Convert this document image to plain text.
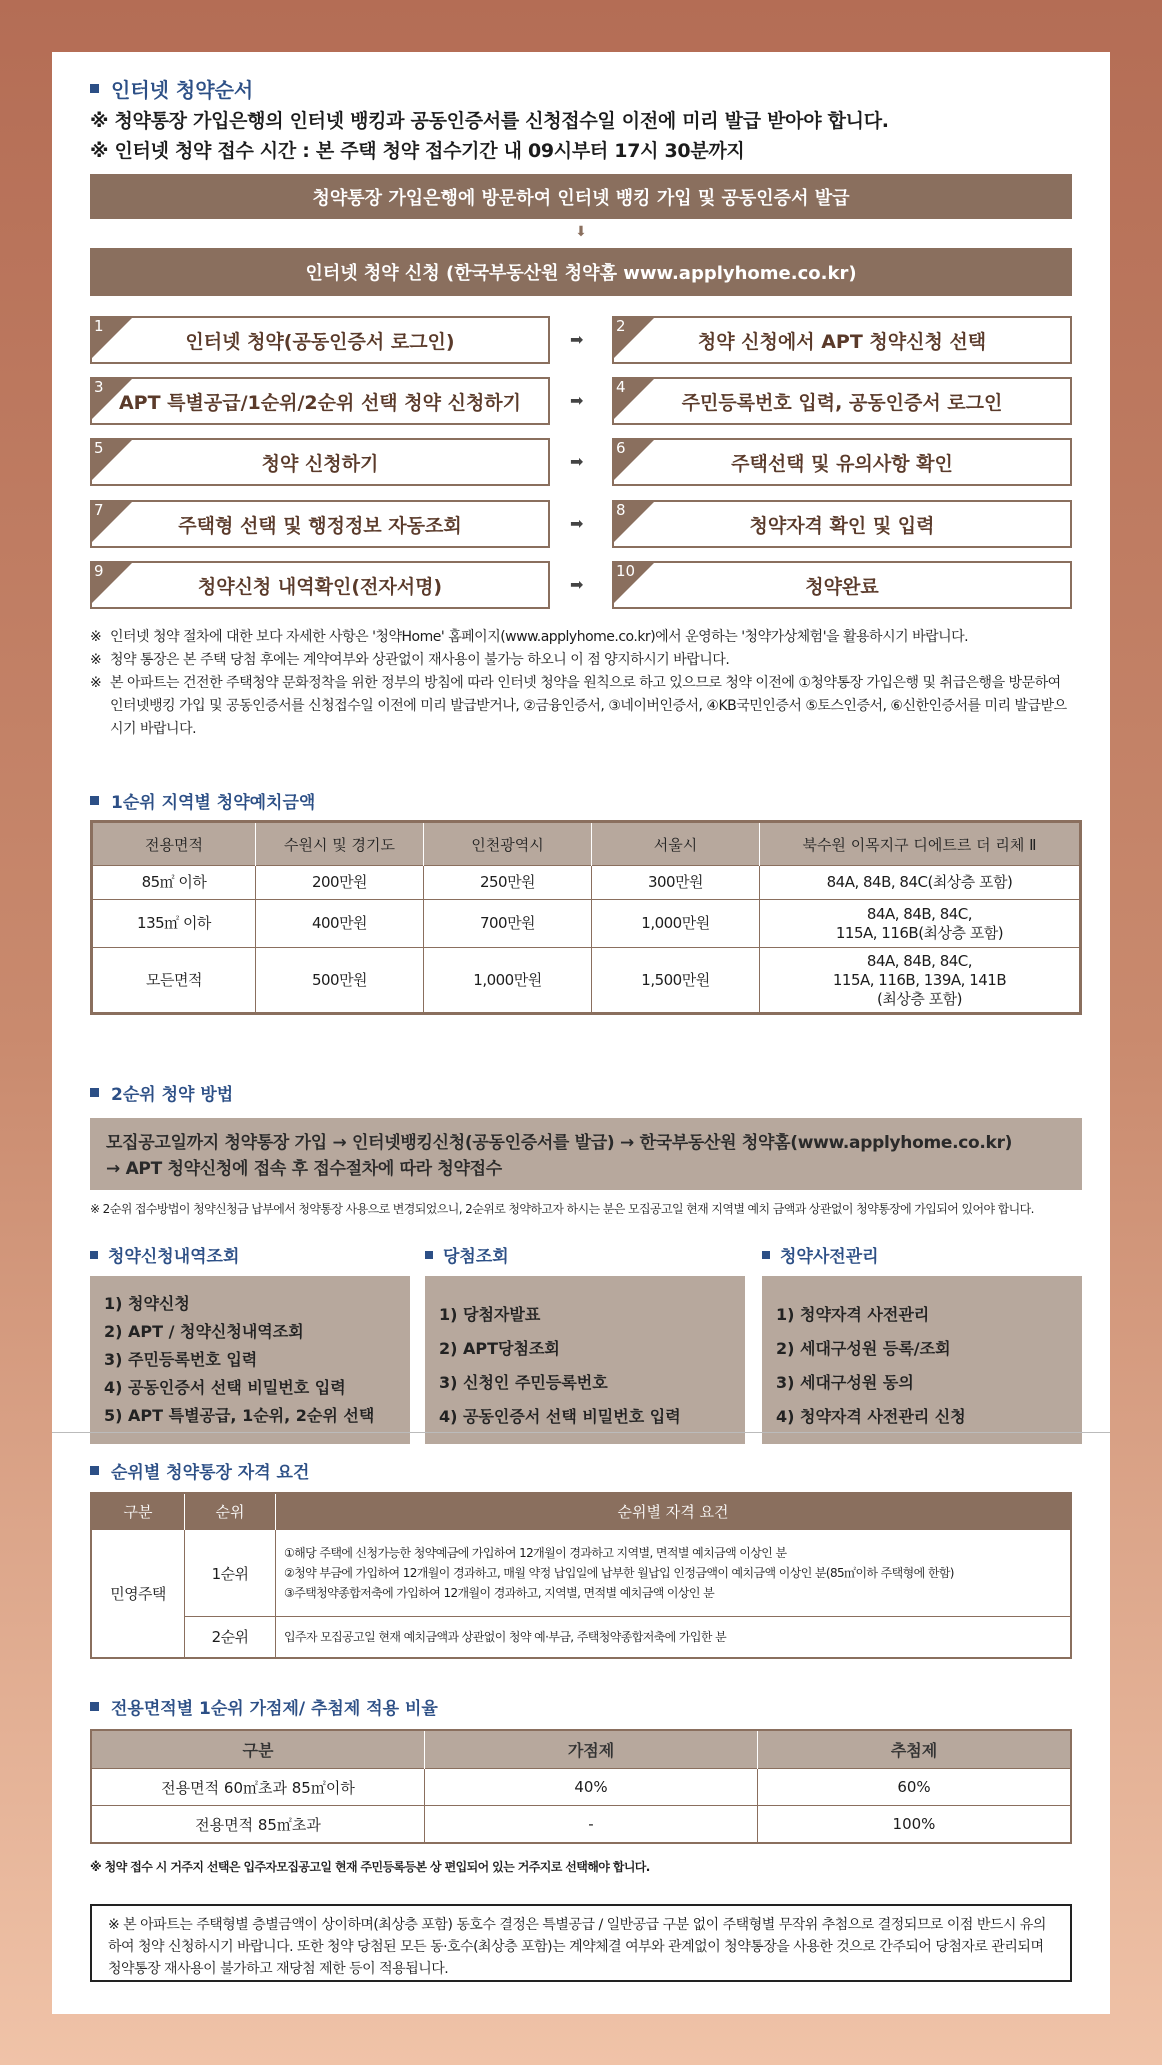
인터넷 청약순서
※ 청약통장 가입은행의 인터넷 뱅킹과 공동인증서를 신청접수일 이전에 미리 발급 받아야 합니다.
※ 인터넷 청약 접수 시간 : 본 주택 청약 접수기간 내 09시부터 17시 30분까지
청약통장 가입은행에 방문하여 인터넷 뱅킹 가입 및 공동인증서 발급
⬇
인터넷 청약 신청 (한국부동산원 청약홈 www.applyhome.co.kr)
1
인터넷 청약(공동인증서 로그인)	➡
2
청약 신청에서 APT 청약신청 선택
3
APT 특별공급/1순위/2순위 선택 청약 신청하기	➡
4
주민등록번호 입력, 공동인증서 로그인
5
청약 신청하기	➡
6
주택선택 및 유의사항 확인
7
주택형 선택 및 행정정보 자동조회	➡
8
청약자격 확인 및 입력
9
청약신청 내역확인(전자서명)	➡
10
청약완료
※ 인터넷 청약 절차에 대한 보다 자세한 사항은 '청약Home' 홈페이지(www.applyhome.co.kr)에서 운영하는 '청약가상체험'을 활용하시기 바랍니다.
※ 청약 통장은 본 주택 당첨 후에는 계약여부와 상관없이 재사용이 불가능 하오니 이 점 양지하시기 바랍니다.
※ 본 아파트는 건전한 주택청약 문화정착을 위한 정부의 방침에 따라 인터넷 청약을 원칙으로 하고 있으므로 청약 이전에 ①청약통장 가입은행 및 취급은행을 방문하여 인터넷뱅킹 가입 및 공동인증서를 신청접수일 이전에 미리 발급받거나, ②금융인증서, ③네이버인증서, ④KB국민인증서 ⑤토스인증서, ⑥신한인증서를 미리 발급받으시기 바랍니다.
1순위 지역별 청약예치금액
전용면적	수원시 및 경기도	인천광역시	서울시	북수원 이목지구 디에트르 더 리체 Ⅱ
85㎡ 이하	200만원	250만원	300만원	84A, 84B, 84C(최상층 포함)
135㎡ 이하	400만원	700만원	1,000만원	84A, 84B, 84C,
115A, 116B(최상층 포함)
모든면적	500만원	1,000만원	1,500만원	84A, 84B, 84C,
115A, 116B, 139A, 141B
(최상층 포함)
2순위 청약 방법
모집공고일까지 청약통장 가입 → 인터넷뱅킹신청(공동인증서를 발급) → 한국부동산원 청약홈(www.applyhome.co.kr)
→ APT 청약신청에 접속 후 접수절차에 따라 청약접수
※ 2순위 접수방법이 청약신청금 납부에서 청약통장 사용으로 변경되었으니, 2순위로 청약하고자 하시는 분은 모집공고일 현재 지역별 예치 금액과 상관없이 청약통장에 가입되어 있어야 합니다.
청약신청내역조회
1) 청약신청
2) APT / 청약신청내역조회
3) 주민등록번호 입력
4) 공동인증서 선택 비밀번호 입력
5) APT 특별공급, 1순위, 2순위 선택
당첨조회
1) 당첨자발표
2) APT당첨조회
3) 신청인 주민등록번호
4) 공동인증서 선택 비밀번호 입력
청약사전관리
1) 청약자격 사전관리
2) 세대구성원 등록/조회
3) 세대구성원 동의
4) 청약자격 사전관리 신청
순위별 청약통장 자격 요건
구분	순위	순위별 자격 요건
민영주택	1순위	①해당 주택에 신청가능한 청약예금에 가입하여 12개월이 경과하고 지역별, 면적별 예치금액 이상인 분
②청약 부금에 가입하여 12개월이 경과하고, 매월 약정 납입일에 납부한 월납입 인정금액이 예치금액 이상인 분(85㎡이하 주택형에 한함)
③주택청약종합저축에 가입하여 12개월이 경과하고, 지역별, 면적별 예치금액 이상인 분

	2순위	입주자 모집공고일 현재 예치금액과 상관없이 청약 예·부금, 주택청약종합저축에 가입한 분
전용면적별 1순위 가점제/ 추첨제 적용 비율
구분	가점제	추첨제
전용면적 60㎡초과 85㎡이하	40%	60%
전용면적 85㎡초과	-	100%
※ 청약 접수 시 거주지 선택은 입주자모집공고일 현재 주민등록등본 상 편입되어 있는 거주지로 선택해야 합니다.
※ 본 아파트는 주택형별 층별금액이 상이하며(최상층 포함) 동호수 결정은 특별공급 / 일반공급 구분 없이 주택형별 무작위 추첨으로 결정되므로 이점 반드시 유의하여 청약 신청하시기 바랍니다. 또한 청약 당첨된 모든 동·호수(최상층 포함)는 계약체결 여부와 관계없이 청약통장을 사용한 것으로 간주되어 당첨자로 관리되며 청약통장 재사용이 불가하고 재당첨 제한 등이 적용됩니다.
